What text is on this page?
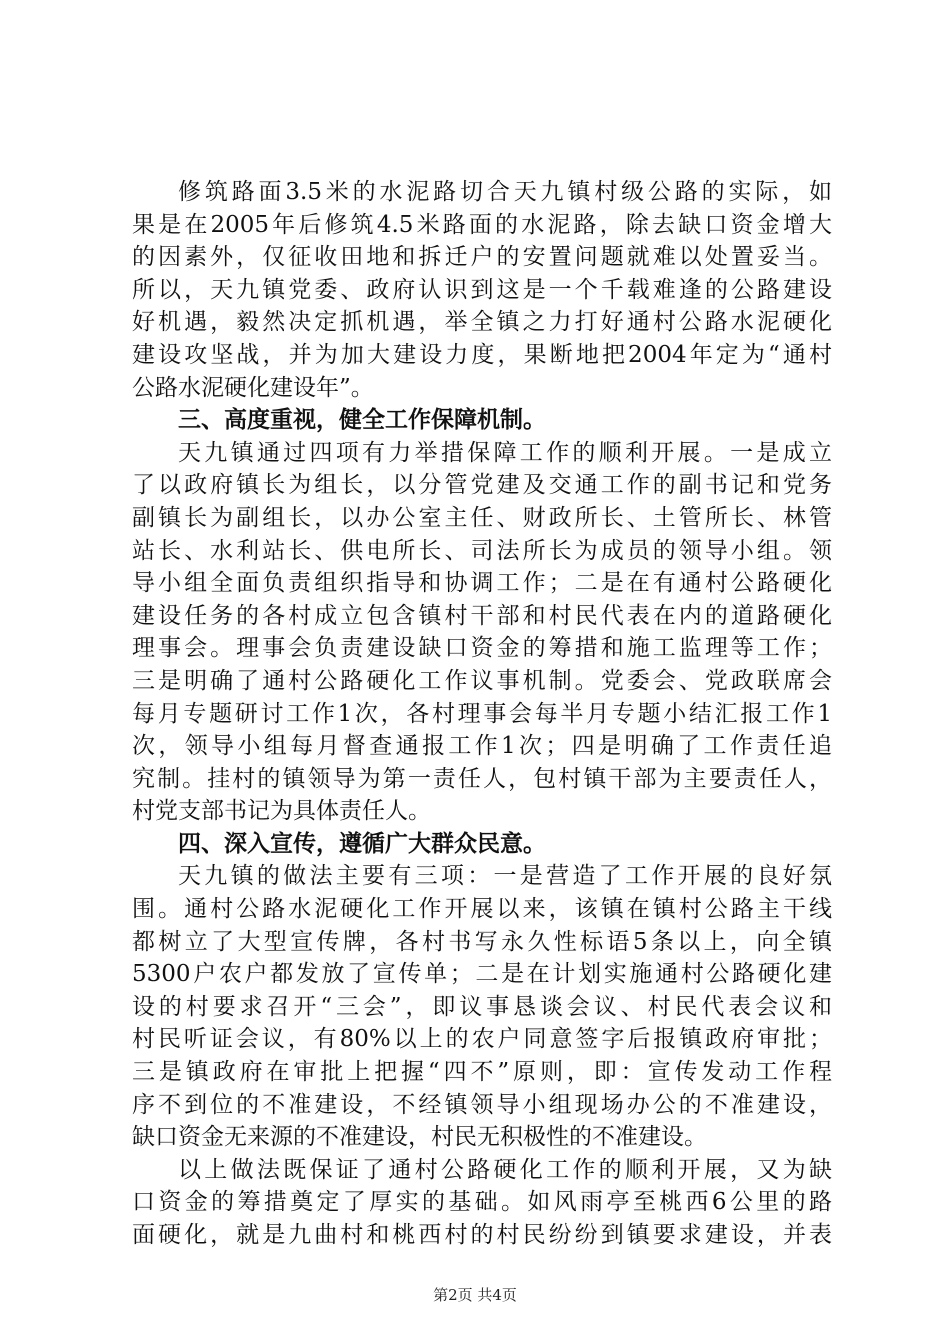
修筑路面3.5米的水泥路切合天九镇村级公路的实际，如
果是在2005年后修筑4.5米路面的水泥路，除去缺口资金增大
的因素外，仅征收田地和拆迁户的安置问题就难以处置妥当。
所以，天九镇党委、政府认识到这是一个千载难逢的公路建设
好机遇，毅然决定抓机遇，举全镇之力打好通村公路水泥硬化
建设攻坚战，并为加大建设力度，果断地把2004年定为“通村
公路水泥硬化建设年”。
三、高度重视，健全工作保障机制。
天九镇通过四项有力举措保障工作的顺利开展。一是成立
了以政府镇长为组长，以分管党建及交通工作的副书记和党务
副镇长为副组长，以办公室主任、财政所长、土管所长、林管
站长、水利站长、供电所长、司法所长为成员的领导小组。领
导小组全面负责组织指导和协调工作；二是在有通村公路硬化
建设任务的各村成立包含镇村干部和村民代表在内的道路硬化
理事会。理事会负责建设缺口资金的筹措和施工监理等工作；
三是明确了通村公路硬化工作议事机制。党委会、党政联席会
每月专题研讨工作1次，各村理事会每半月专题小结汇报工作1
次，领导小组每月督查通报工作1次；四是明确了工作责任追
究制。挂村的镇领导为第一责任人，包村镇干部为主要责任人，
村党支部书记为具体责任人。
四、深入宣传，遵循广大群众民意。
天九镇的做法主要有三项：一是营造了工作开展的良好氛
围。通村公路水泥硬化工作开展以来，该镇在镇村公路主干线
都树立了大型宣传牌，各村书写永久性标语5条以上，向全镇
5300户农户都发放了宣传单；二是在计划实施通村公路硬化建
设的村要求召开“三会”，即议事恳谈会议、村民代表会议和
村民听证会议，有80%以上的农户同意签字后报镇政府审批；
三是镇政府在审批上把握“四不”原则，即：宣传发动工作程
序不到位的不准建设，不经镇领导小组现场办公的不准建设，
缺口资金无来源的不准建设，村民无积极性的不准建设。
以上做法既保证了通村公路硬化工作的顺利开展，又为缺
口资金的筹措奠定了厚实的基础。如风雨亭至桃西6公里的路
面硬化，就是九曲村和桃西村的村民纷纷到镇要求建设，并表
第2页 共4页
